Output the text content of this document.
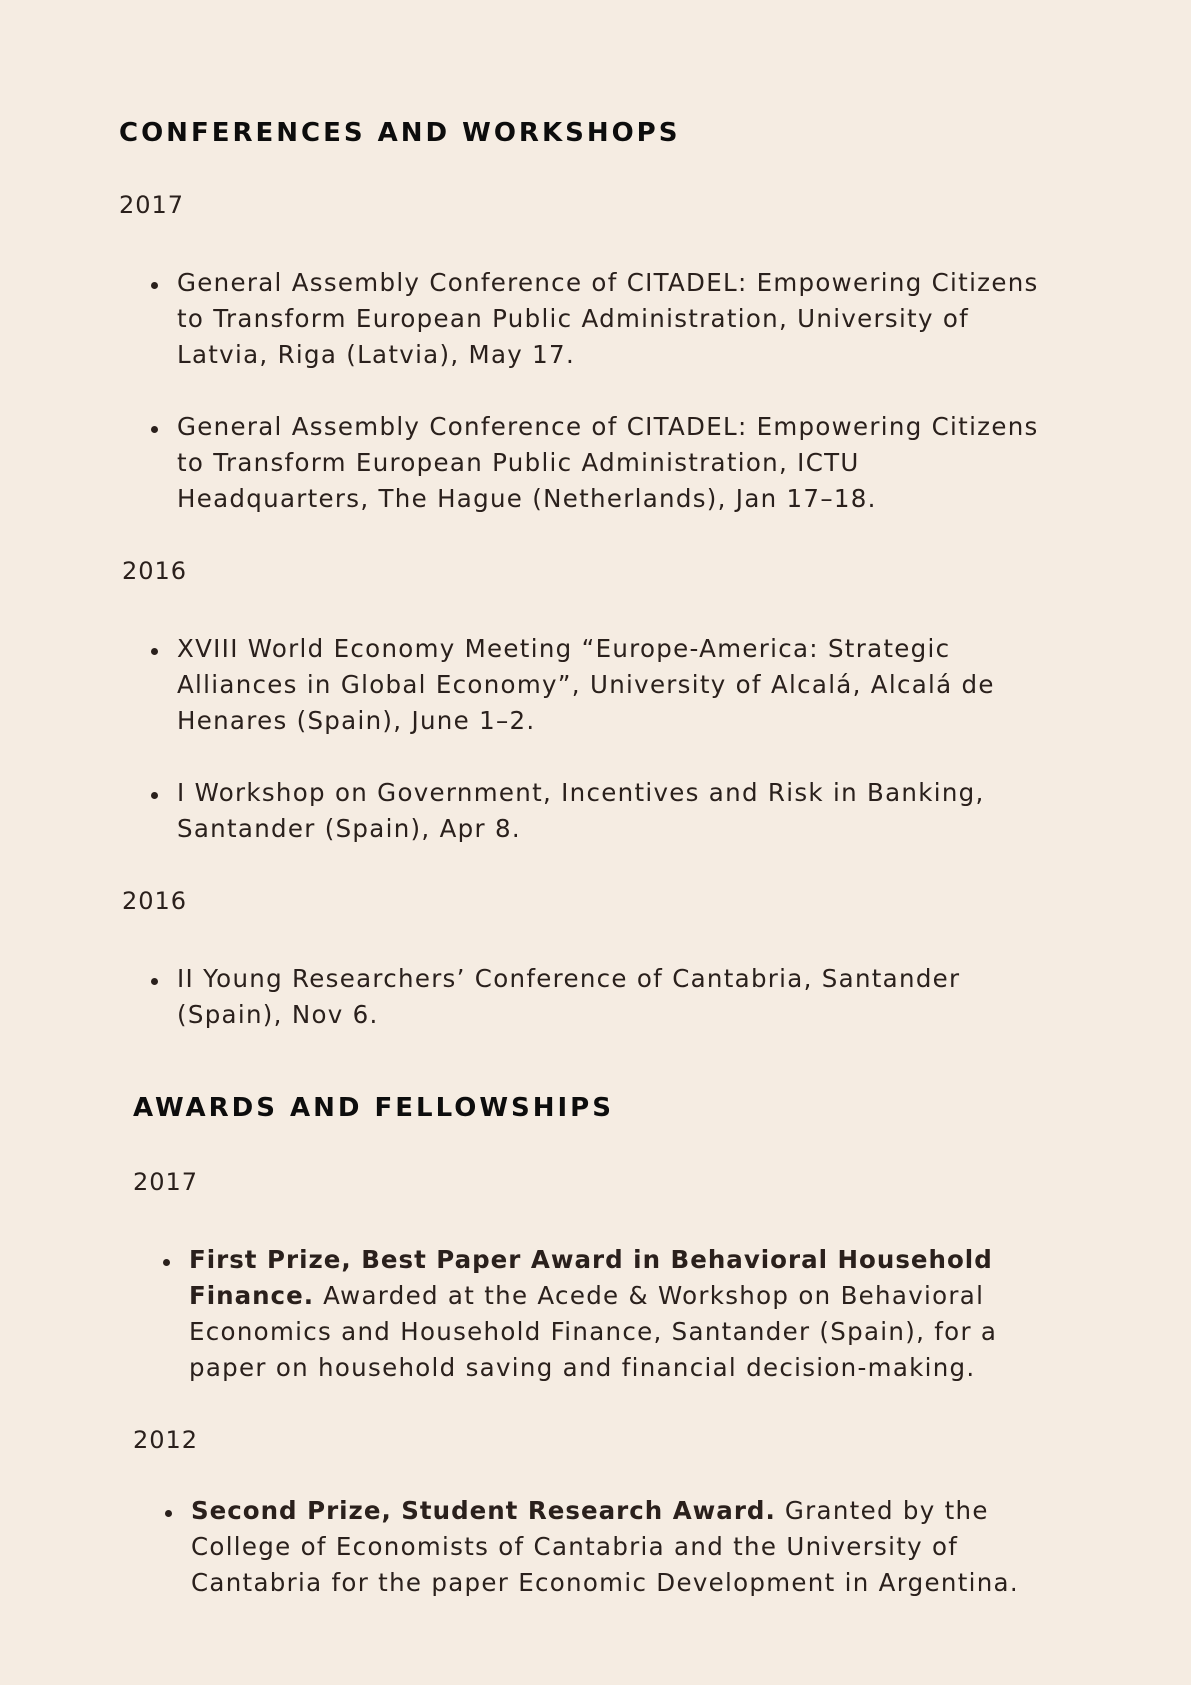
CONFERENCES AND WORKSHOPS
2017

General Assembly Conference of CITADEL: Empowering Citizens to Transform European Public Administration, University of Latvia, Riga (Latvia), May 17.

General Assembly Conference of CITADEL: Empowering Citizens to Transform European Public Administration, ICTU Headquarters, The Hague (Netherlands), Jan 17–18.

2016

XVIII World Economy Meeting “Europe-America: Strategic Alliances in Global Economy”, University of Alcalá, Alcalá de Henares (Spain), June 1–2.

I Workshop on Government, Incentives and Risk in Banking, Santander (Spain), Apr 8.

2016

II Young Researchers’ Conference of Cantabria, Santander (Spain), Nov 6.

AWARDS AND FELLOWSHIPS
2017

First Prize, Best Paper Award in Behavioral Household Finance. Awarded at the Acede & Workshop on Behavioral Economics and Household Finance, Santander (Spain), for a paper on household saving and financial decision-making.

2012

Second Prize, Student Research Award. Granted by the College of Economists of Cantabria and the University of Cantabria for the paper Economic Development in Argentina.
